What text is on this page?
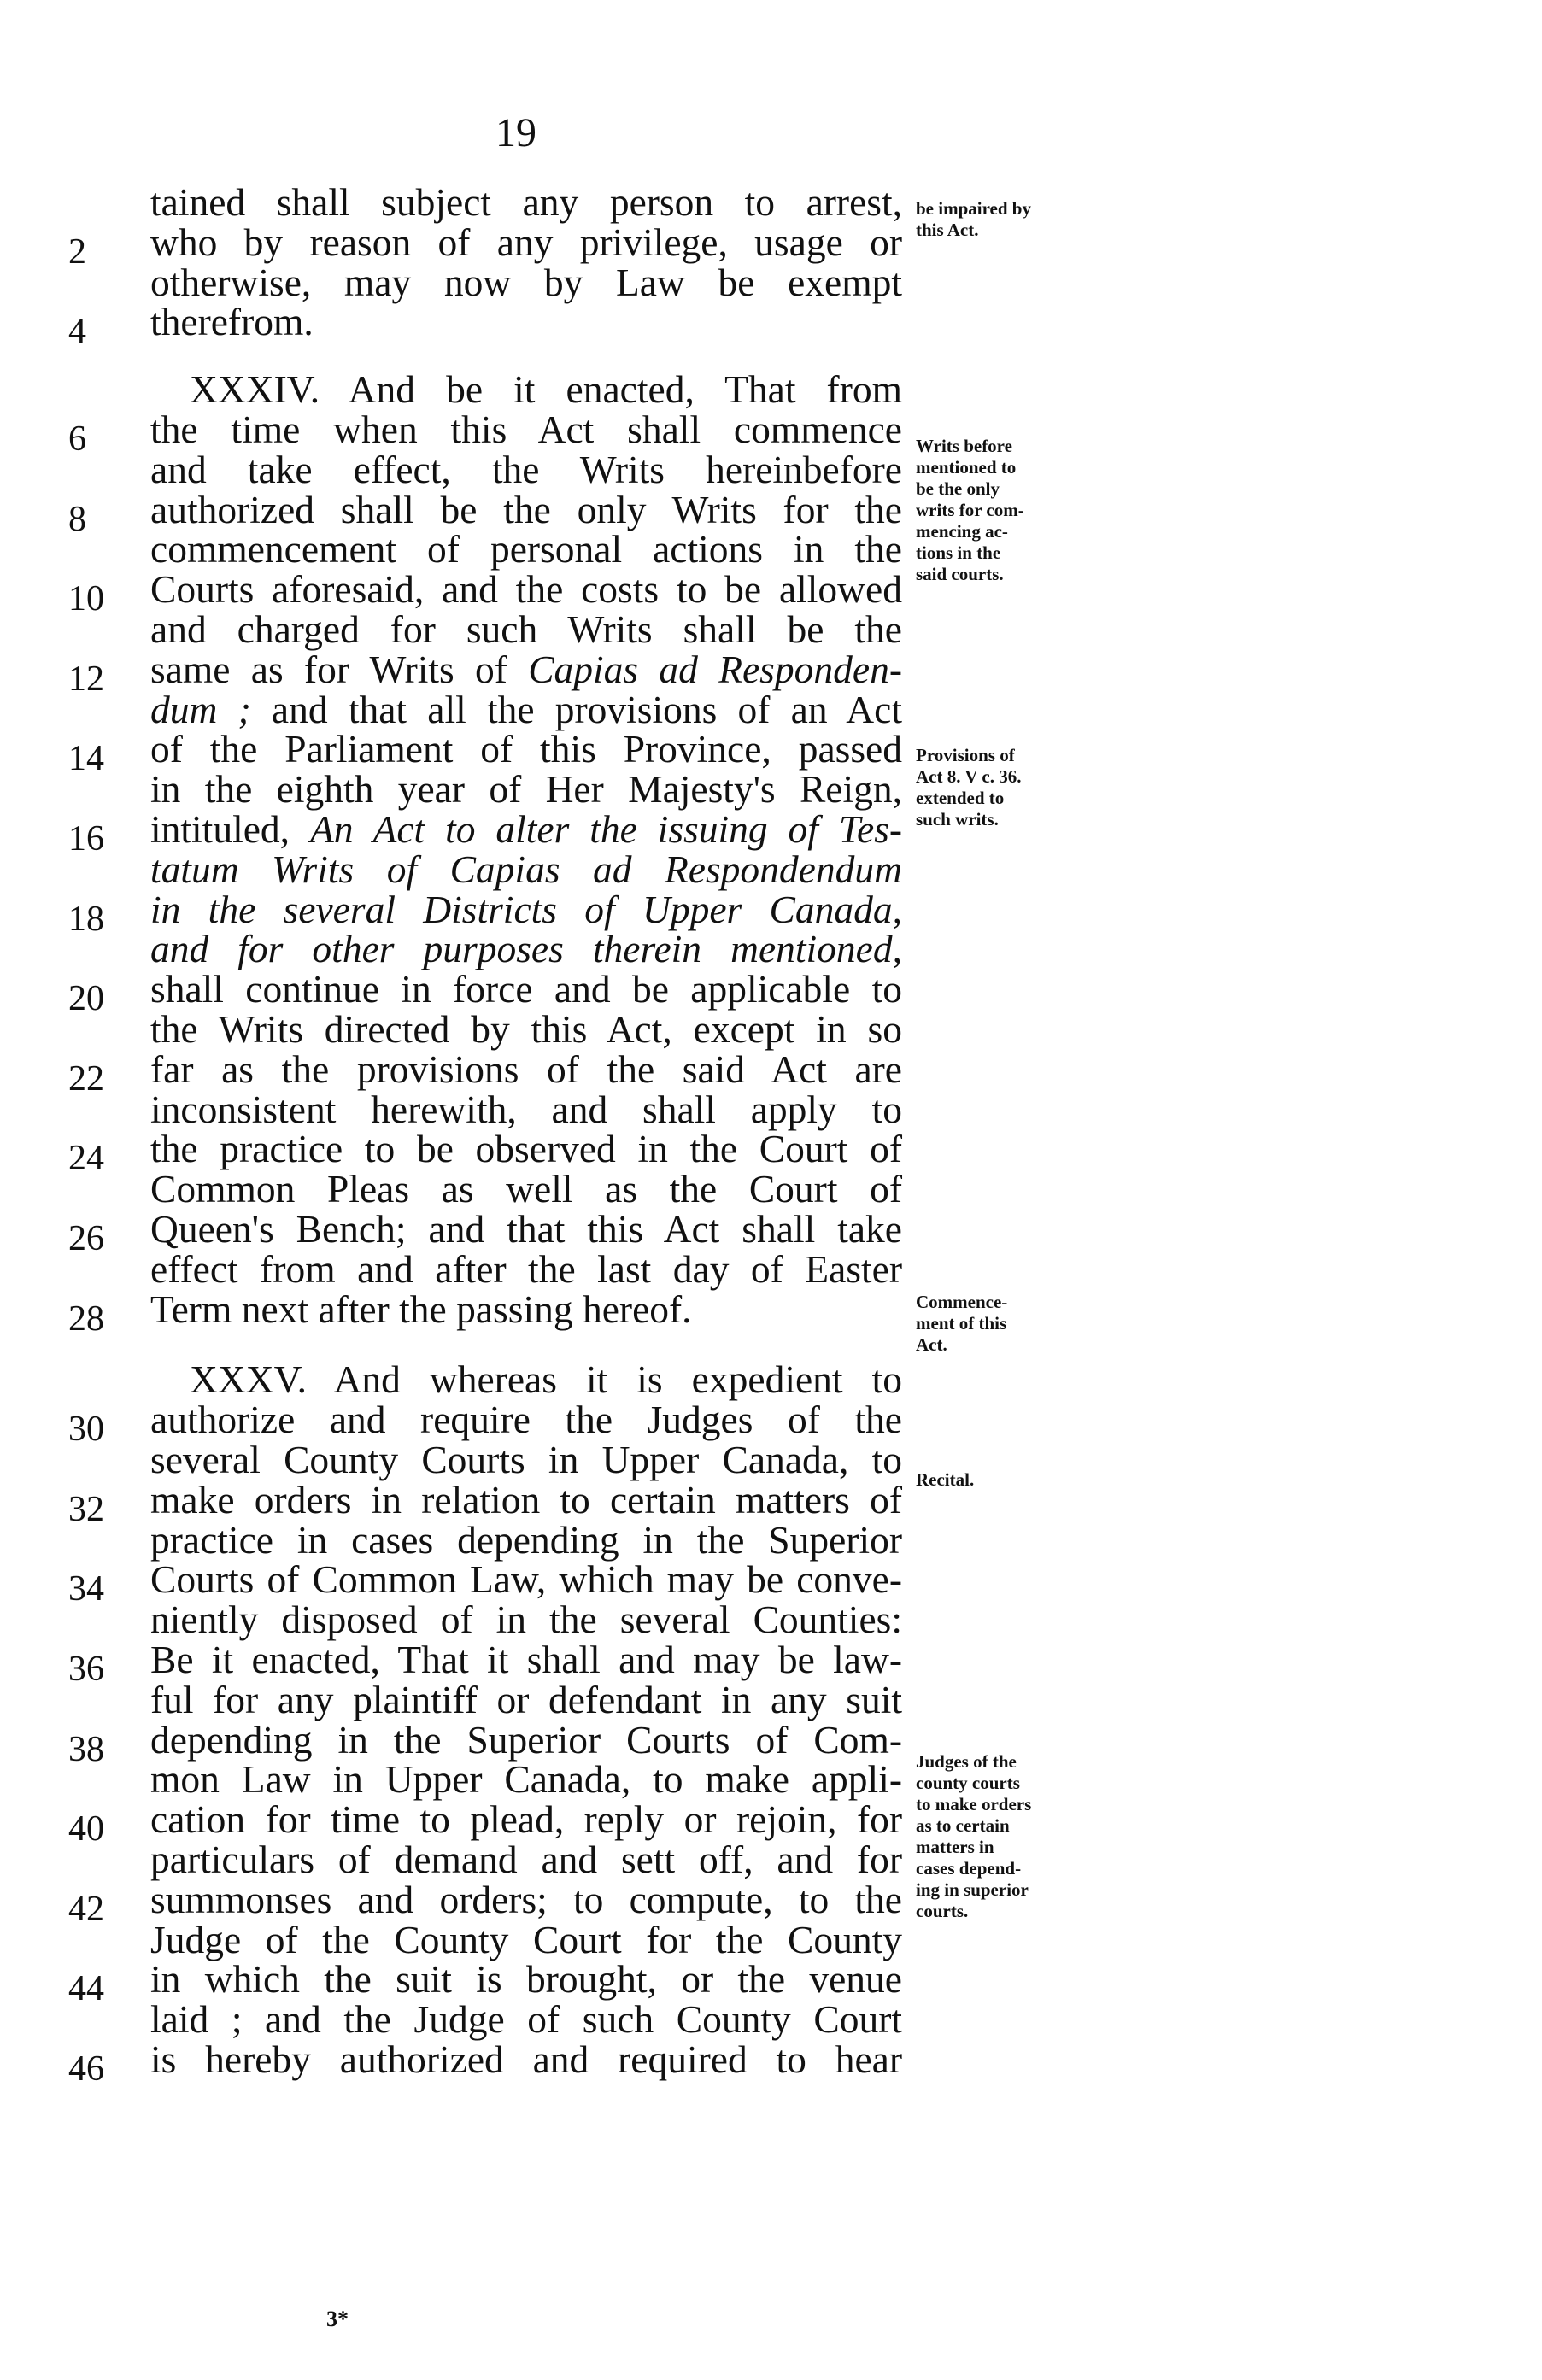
19
tained shall subject any person to arrest,
2	who by reason of any privilege, usage or
otherwise, may now by Law be exempt
4	therefrom.
XXXIV. And be it enacted, That from
6	the time when this Act shall commence
and take effect, the Writs hereinbefore
8	authorized shall be the only Writs for the
commencement of personal actions in the
10	Courts aforesaid, and the costs to be allowed
and charged for such Writs shall be the
12	same as for Writs of Capias ad Responden-
dum ; and that all the provisions of an Act
14	of the Parliament of this Province, passed
in the eighth year of Her Majesty's Reign,
16	intituled, An Act to alter the issuing of Tes-
tatum Writs of Capias ad Respondendum
18	in the several Districts of Upper Canada,
and for other purposes therein mentioned,
20	shall continue in force and be applicable to
the Writs directed by this Act, except in so
22	far as the provisions of the said Act are
inconsistent herewith, and shall apply to
24	the practice to be observed in the Court of
Common Pleas as well as the Court of
26	Queen's Bench; and that this Act shall take
effect from and after the last day of Easter
28	Term next after the passing hereof.
XXXV. And whereas it is expedient to
30	authorize and require the Judges of the
several County Courts in Upper Canada, to
32	make orders in relation to certain matters of
practice in cases depending in the Superior
34	Courts of Common Law, which may be conve-
niently disposed of in the several Counties:
36	Be it enacted, That it shall and may be law-
ful for any plaintiff or defendant in any suit
38	depending in the Superior Courts of Com-
mon Law in Upper Canada, to make appli-
40	cation for time to plead, reply or rejoin, for
particulars of demand and sett off, and for
42	summonses and orders; to compute, to the
Judge of the County Court for the County
44	in which the suit is brought, or the venue
laid ; and the Judge of such County Court
46	is hereby authorized and required to hear
be impaired by
this Act.
Writs before
mentioned to
be the only
writs for com-
mencing ac-
tions in the
said courts.
Provisions of
Act 8. V c. 36.
extended to
such writs.
Commence-
ment of this
Act.
Recital.
Judges of the
county courts
to make orders
as to certain
matters in
cases depend-
ing in superior
courts.
3*
